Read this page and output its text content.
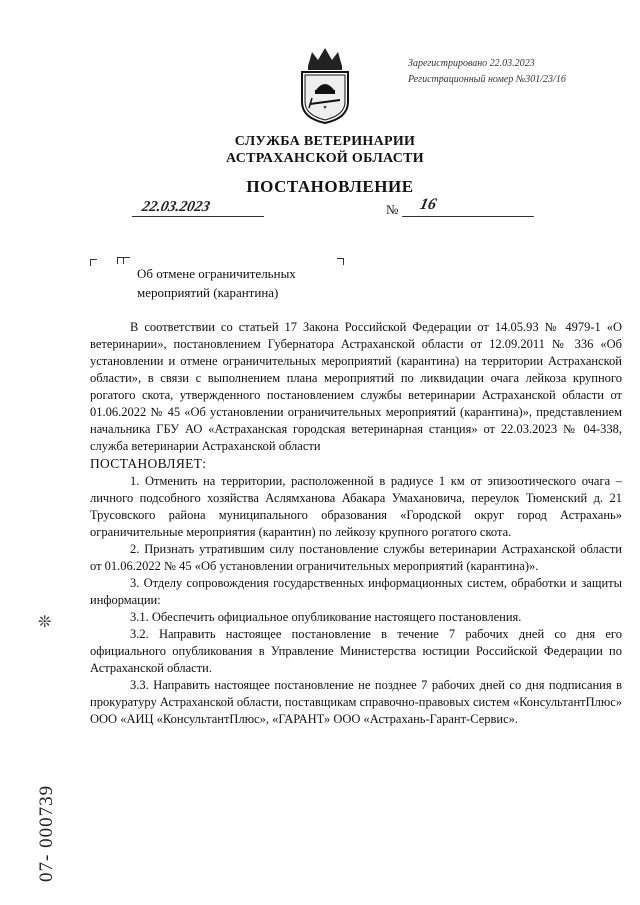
Зарегистрировано 22.03.2023
Регистрационный номер №301/23/16
СЛУЖБА ВЕТЕРИНАРИИ
АСТРАХАНСКОЙ ОБЛАСТИ
ПОСТАНОВЛЕНИЕ
22.03.2023	№ 16
Об отмене ограничительных
мероприятий (карантина)

В соответствии со статьей 17 Закона Российской Федерации от 14.05.93 № 4979-1 «О ветеринарии», постановлением Губернатора Астраханской области от 12.09.2011 № 336 «Об установлении и отмене ограничительных мероприятий (карантина) на территории Астраханской области», в связи с выполнением плана мероприятий по ликвидации очага лейкоза крупного рогатого скота, утвержденного постановлением службы ветеринарии Астраханской области от 01.06.2022 № 45 «Об установлении ограничительных мероприятий (карантина)», представлением начальника ГБУ АО «Астраханская городская ветеринарная станция» от 22.03.2023 № 04-338, служба ветеринарии Астраханской области

ПОСТАНОВЛЯЕТ:

1. Отменить на территории, расположенной в радиусе 1 км от эпизоотического очага – личного подсобного хозяйства Аслямханова Абакара Умахановича, переулок Тюменский д. 21 Трусовского района муниципального образования «Городской округ город Астрахань» ограничительные мероприятия (карантин) по лейкозу крупного рогатого скота.

2. Признать утратившим силу постановление службы ветеринарии Астраханской области от 01.06.2022 № 45 «Об установлении ограничительных мероприятий (карантина)».

3. Отделу сопровождения государственных информационных систем, обработки и защиты информации:

3.1. Обеспечить официальное опубликование настоящего постановления.

3.2. Направить настоящее постановление в течение 7 рабочих дней со дня его официального опубликования в Управление Министерства юстиции Российской Федерации по Астраханской области.

3.3. Направить настоящее постановление не позднее 7 рабочих дней со дня подписания в прокуратуру Астраханской области, поставщикам справочно-правовых систем «КонсультантПлюс» ООО «АИЦ «КонсультантПлюс», «ГАРАНТ» ООО «Астрахань-Гарант-Сервис».

❊
07- 000739
